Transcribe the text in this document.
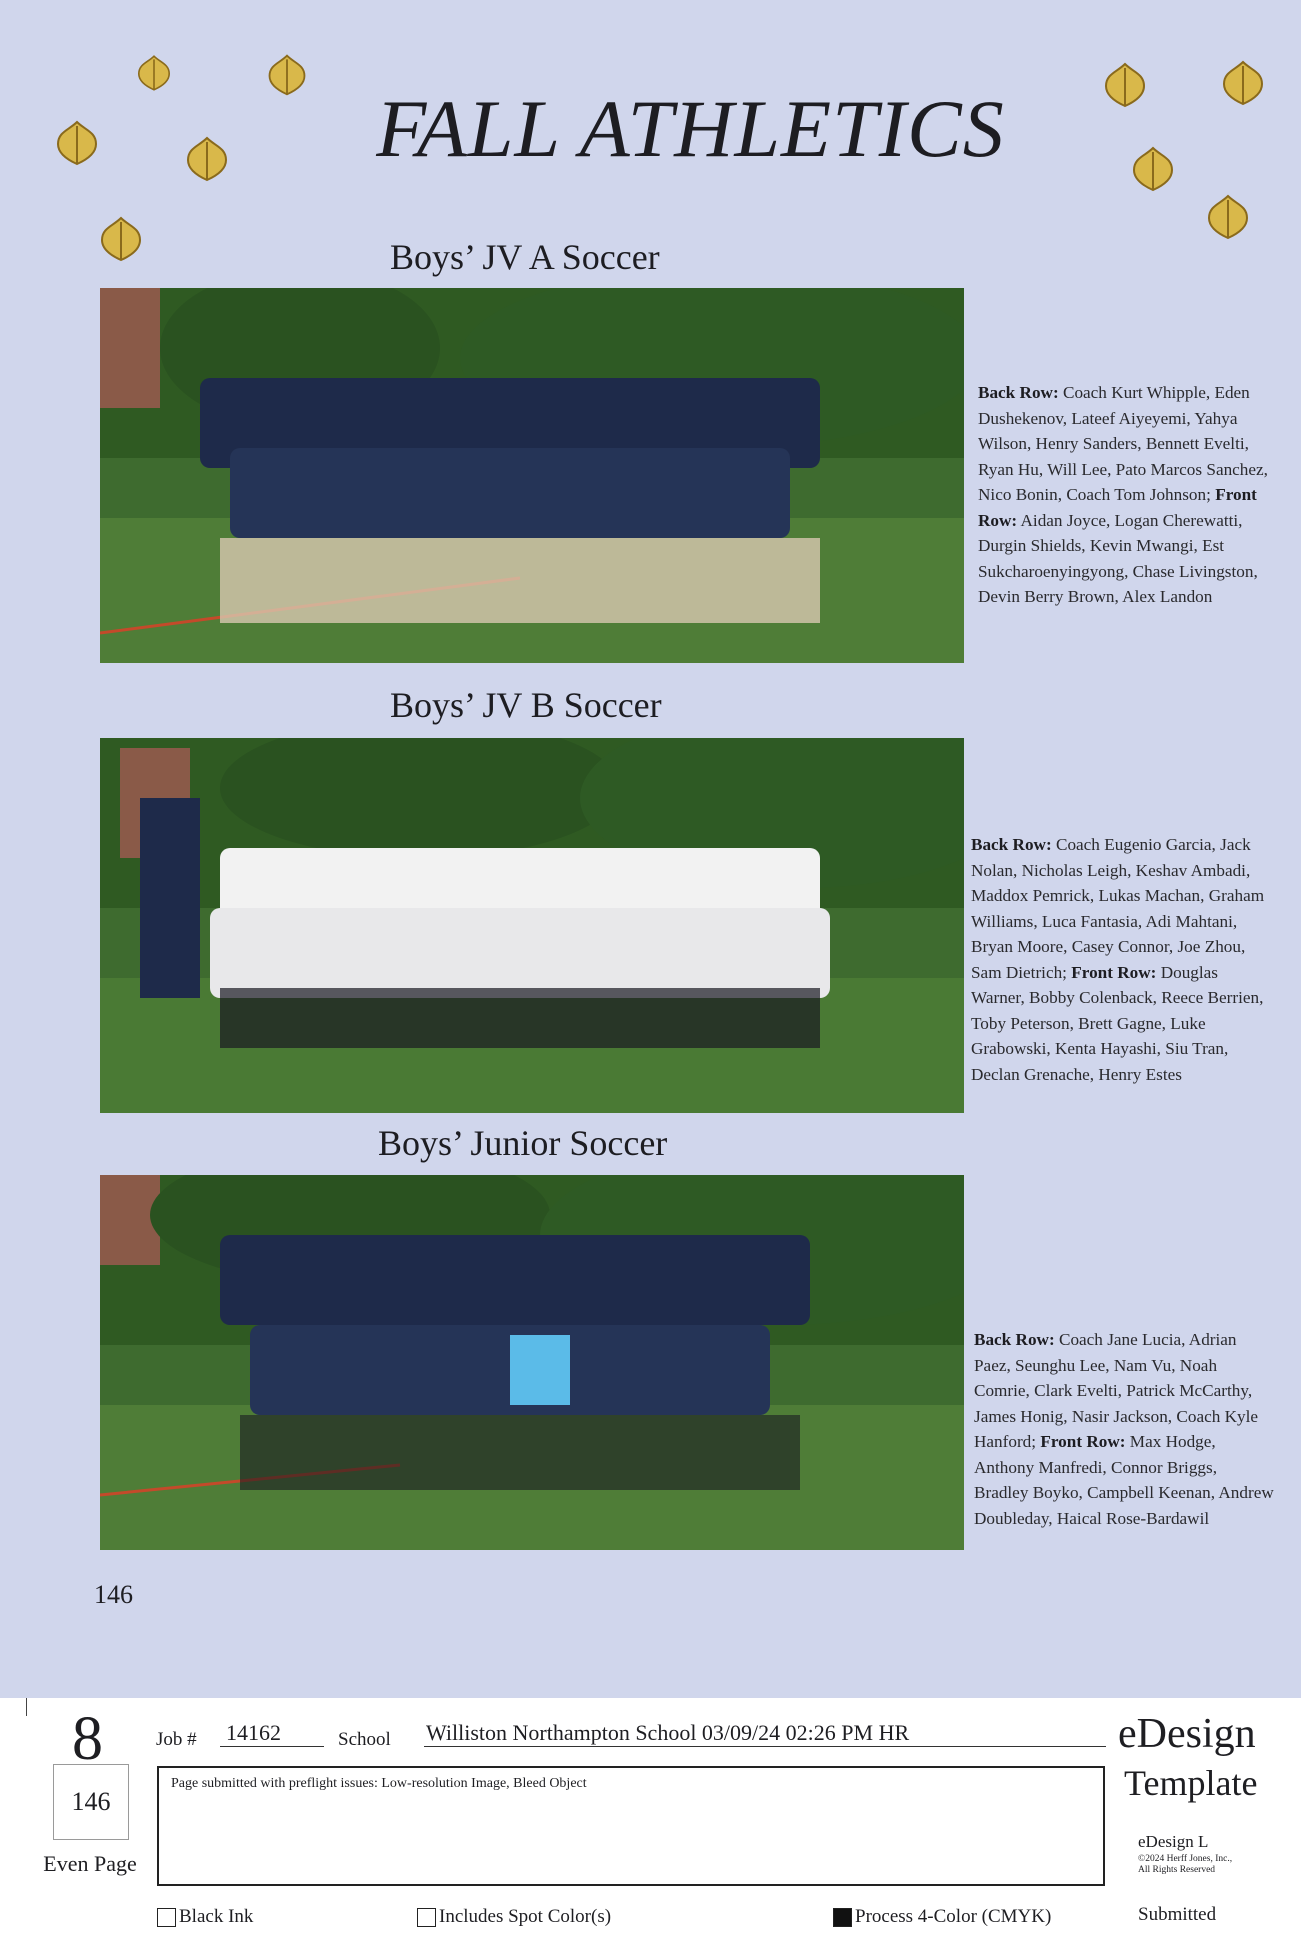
FALL ATHLETICS
Boys’ JV A Soccer
Back Row: Coach Kurt Whipple, Eden Dushekenov, Lateef Aiyeyemi, Yahya Wilson, Henry Sanders, Bennett Evelti, Ryan Hu, Will Lee, Pato Marcos Sanchez, Nico Bonin, Coach Tom Johnson; Front Row: Aidan Joyce, Logan Cherewatti, Durgin Shields, Kevin Mwangi, Est Sukcharoenyingyong, Chase Livingston, Devin Berry Brown, Alex Landon
Boys’ JV B Soccer
Back Row: Coach Eugenio Garcia, Jack Nolan, Nicholas Leigh, Keshav Ambadi, Maddox Pemrick, Lukas Machan, Graham Williams, Luca Fantasia, Adi Mahtani, Bryan Moore, Casey Connor, Joe Zhou, Sam Dietrich; Front Row: Douglas Warner, Bobby Colenback, Reece Berrien, Toby Peterson, Brett Gagne, Luke Grabowski, Kenta Hayashi, Siu Tran, Declan Grenache, Henry Estes
Boys’ Junior Soccer
Back Row: Coach Jane Lucia, Adrian Paez, Seunghu Lee, Nam Vu, Noah Comrie, Clark Evelti, Patrick McCarthy, James Honig, Nasir Jackson, Coach Kyle Hanford; Front Row: Max Hodge, Anthony Manfredi, Connor Briggs, Bradley Boyko, Campbell Keenan, Andrew Doubleday, Haical Rose-Bardawil
146
8
146
Even Page
Job # 14162	School Williston Northampton School 03/09/24 02:26 PM HR
Page submitted with preflight issues: Low-resolution Image, Bleed Object
eDesign
Template
eDesign L
©2024 Herff Jones, Inc.,
All Rights Reserved
Black Ink	Includes Spot Color(s)	Process 4-Color (CMYK)	Submitted
